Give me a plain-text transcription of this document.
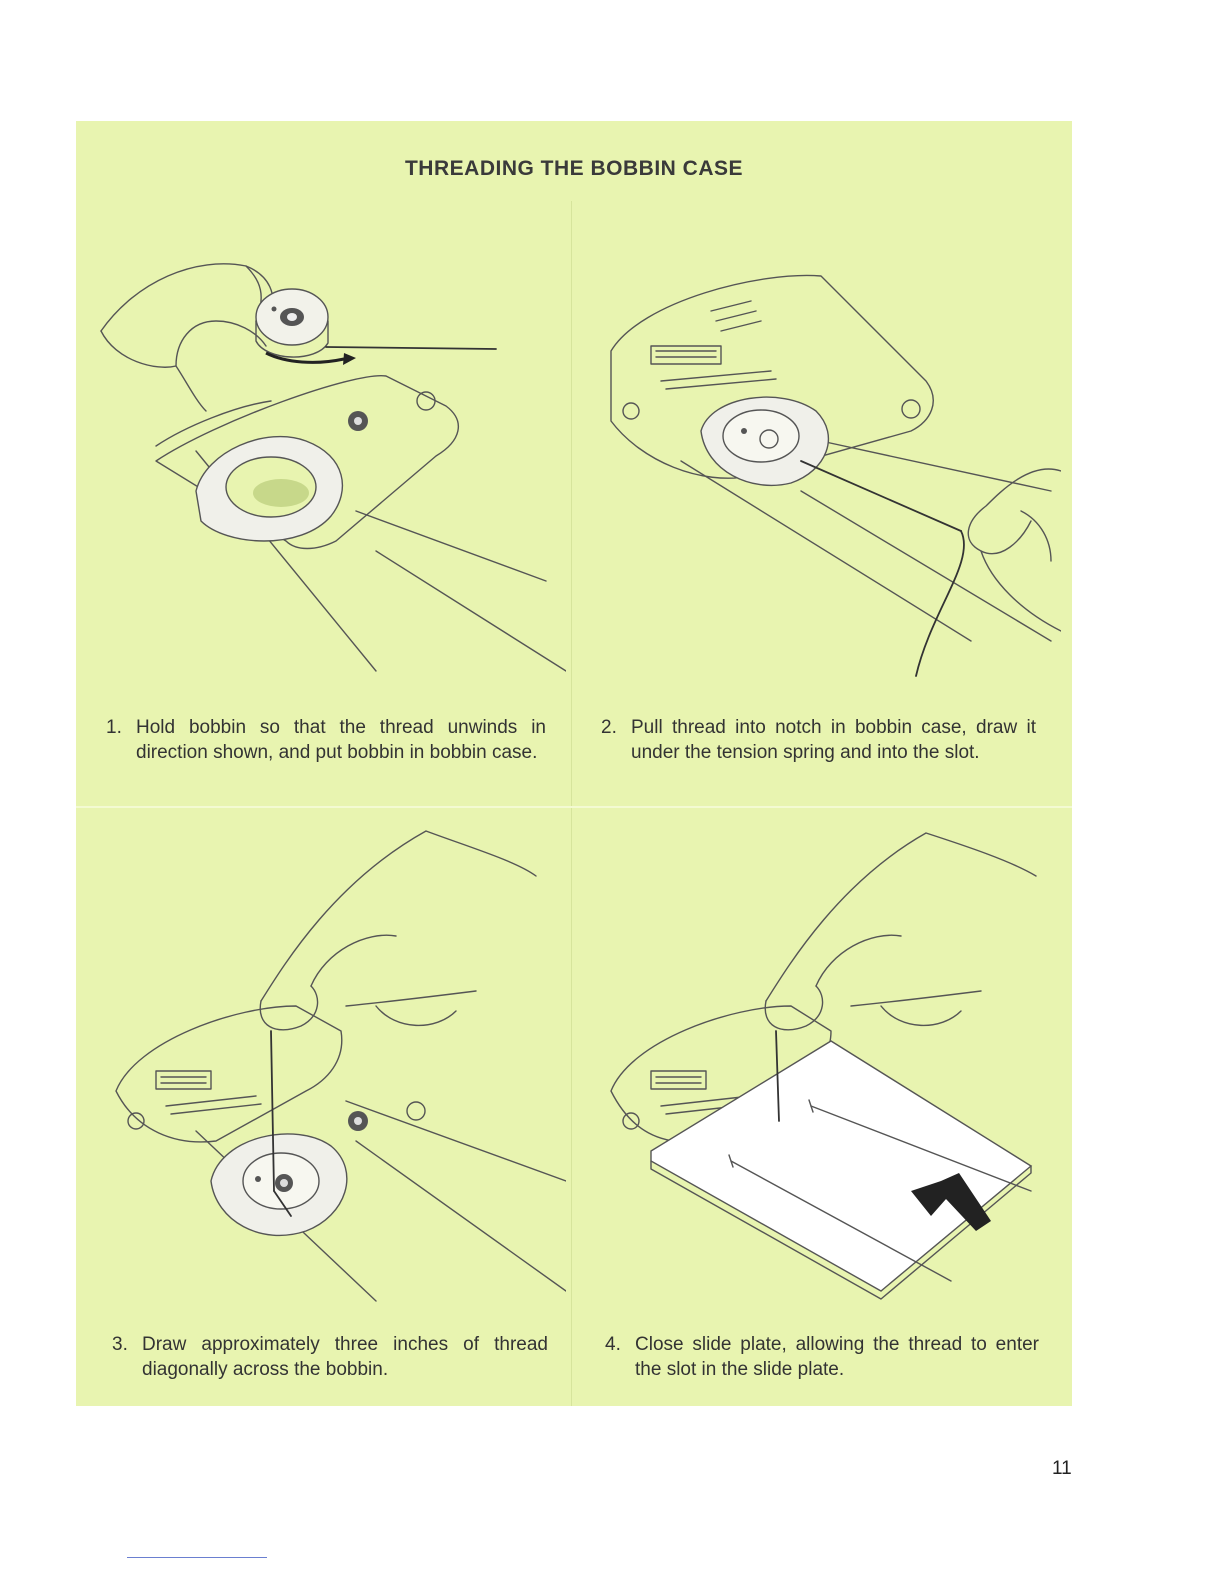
THREADING THE BOBBIN CASE
1. Hold bobbin so that the thread unwinds in direction shown, and put bobbin in bobbin case.
2. Pull thread into notch in bobbin case, draw it under the tension spring and into the slot.
3. Draw approximately three inches of thread diagonally across the bobbin.
4. Close slide plate, allowing the thread to enter the slot in the slide plate.
11
